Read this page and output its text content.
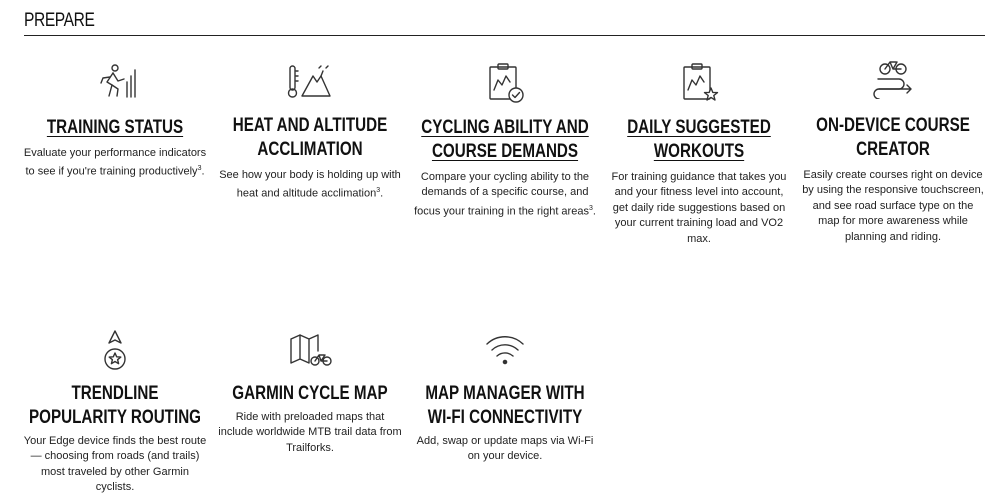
PREPARE
TRAINING STATUS
Evaluate your performance indicators to see if you're training productively$^3$.
HEAT AND ALTITUDE ACCLIMATION
See how your body is holding up with heat and altitude acclimation$^3$.
CYCLING ABILITY AND COURSE DEMANDS
Compare your cycling ability to the demands of a specific course, and focus your training in the right areas$^3$.
DAILY SUGGESTED WORKOUTS
For training guidance that takes you and your fitness level into account, get daily ride suggestions based on your current training load and VO2 max.
ON-DEVICE COURSE CREATOR
Easily create courses right on device by using the responsive touchscreen, and see road surface type on the map for more awareness while planning and riding.
TRENDLINE POPULARITY ROUTING
Your Edge device finds the best route — choosing from roads (and trails) most traveled by other Garmin cyclists.
GARMIN CYCLE MAP
Ride with preloaded maps that include worldwide MTB trail data from Trailforks.
MAP MANAGER WITH WI-FI CONNECTIVITY
Add, swap or update maps via Wi-Fi on your device.
